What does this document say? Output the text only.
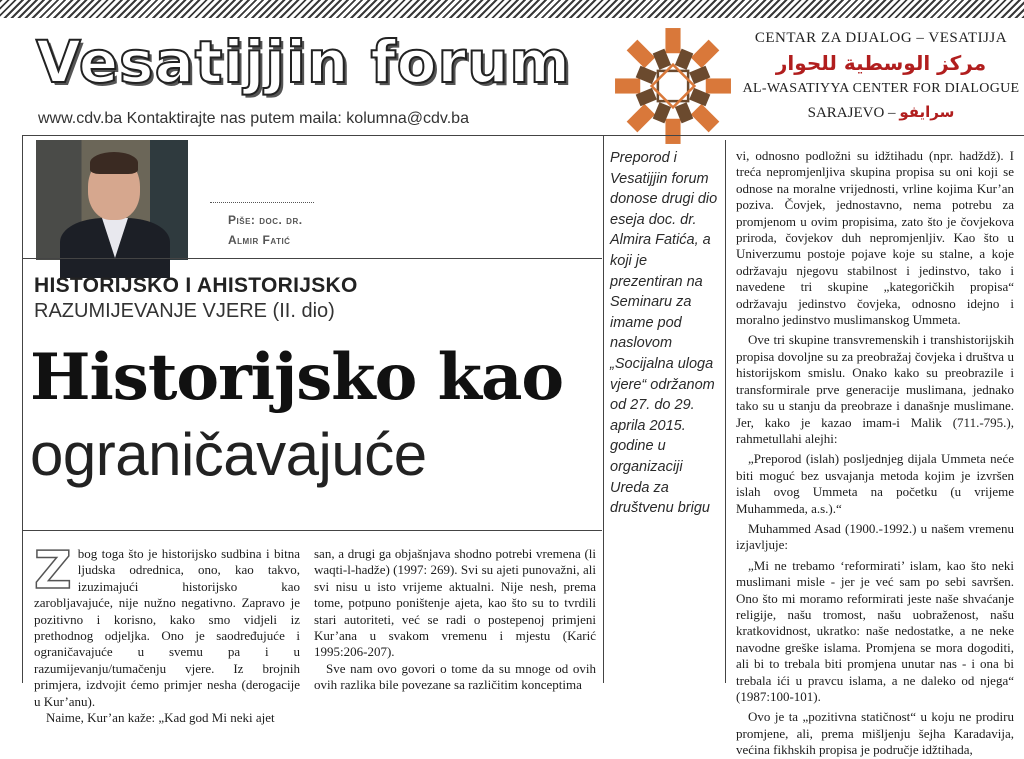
Vesatijjin forum
www.cdv.ba Kontaktirajte nas putem maila: kolumna@cdv.ba
CENTAR ZA DIJALOG – VESATIJJA
مركز الوسطية للحوار
AL-WASATIYYA CENTER FOR DIALOGUE
SARAJEVO – سرايفو
Piše: doc. dr.
Almir Fatić
HISTORIJSKO I AHISTORIJSKO
RAZUMIJEVANJE VJERE (II. dio)
Historijsko kao
ograničavajuće

Zbog toga što je historijsko sudbina i bitna ljudska odrednica, ono, kao takvo, izuzimajući historijsko kao zarobljavajuće, nije nužno negativno. Zapravo je pozitivno i korisno, kako smo vidjeli iz prethodnog odjeljka. Ono je saodređujuće i ograničavajuće u svemu pa i u razumijevanju/tumačenju vjere. Iz brojnih primjera, izdvojit ćemo primjer nesha (derogacije u Kur’anu).

Naime, Kur’an kaže: „Kad god Mi neki ajet

san, a drugi ga objašnjava shodno potrebi vremena (li waqti-l-hadže) (1997: 269). Svi su ajeti punovažni, ali svi nisu u isto vrijeme aktualni. Nije nesh, prema tome, potpuno poništenje ajeta, kao što su to tvrdili stari autoriteti, već se radi o postepenoj primjeni Kur’ana u svakom vremenu i mjestu (Karić 1995:206-207).

Sve nam ovo govori o tome da su mnoge od ovih ovih razlika bile povezane sa različitim konceptima

Preporod i Vesatijjin forum donose drugi dio eseja doc. dr. Almira Fatića, a koji je prezentiran na Seminaru za imame pod naslovom „Socijalna uloga vjere“ održanom od 27. do 29. aprila 2015. godine u organizaciji Ureda za društvenu brigu

vi, odnosno podložni su idžtihadu (npr. hadždž). I treća nepromjenljiva skupina propisa su oni koji se odnose na moralne vrijednosti, vrline kojima Kur’an poziva. Čovjek, jednostavno, nema potrebu za promjenom u ovim propisima, zato što je čovjekova priroda, čovjekov duh nepromjenljiv. Kao što u Univerzumu postoje pojave koje su stalne, a koje održavaju njegovu stabilnost i jedinstvo, tako i navedene tri skupine „kategoričkih propisa“ održavaju jedinstvo čovjeka, odnosno idejno i moralno jedinstvo muslimanskog Ummeta.

Ove tri skupine transvremenskih i transhistorijskih propisa dovoljne su za preobražaj čovjeka i društva u historijskom smislu. Onako kako su preobrazile i transformirale prve generacije muslimana, jednako tako su u stanju da preobraze i današnje muslimane. Jer, kako je kazao imam-i Malik (711.-795.), rahmetullahi alejhi:

„Preporod (islah) posljednjeg dijala Ummeta neće biti moguć bez usvajanja metoda kojim je izvršen islah ovog Ummeta na početku (u vrijeme Muhammeda, a.s.).“

Muhammed Asad (1900.-1992.) u našem vremenu izjavljuje:

„Mi ne trebamo ‘reformirati’ islam, kao što neki muslimani misle - jer je već sam po sebi savršen. Ono što mi moramo reformirati jeste naše shvaćanje religije, našu tromost, našu uobraženost, našu kratkovidnost, ukratko: naše nedostatke, a ne neke navodne greške islama. Promjena se mora dogoditi, ali bi to trebala biti promjena unutar nas - i ona bi trebala ići u pravcu islama, a ne daleko od njega“ (1987:100-101).

Ovo je ta „pozitivna statičnost“ u koju ne prodiru promjene, ali, prema mišljenju šejha Karadavija, većina fikhskih propisa je područje idžtihada,
